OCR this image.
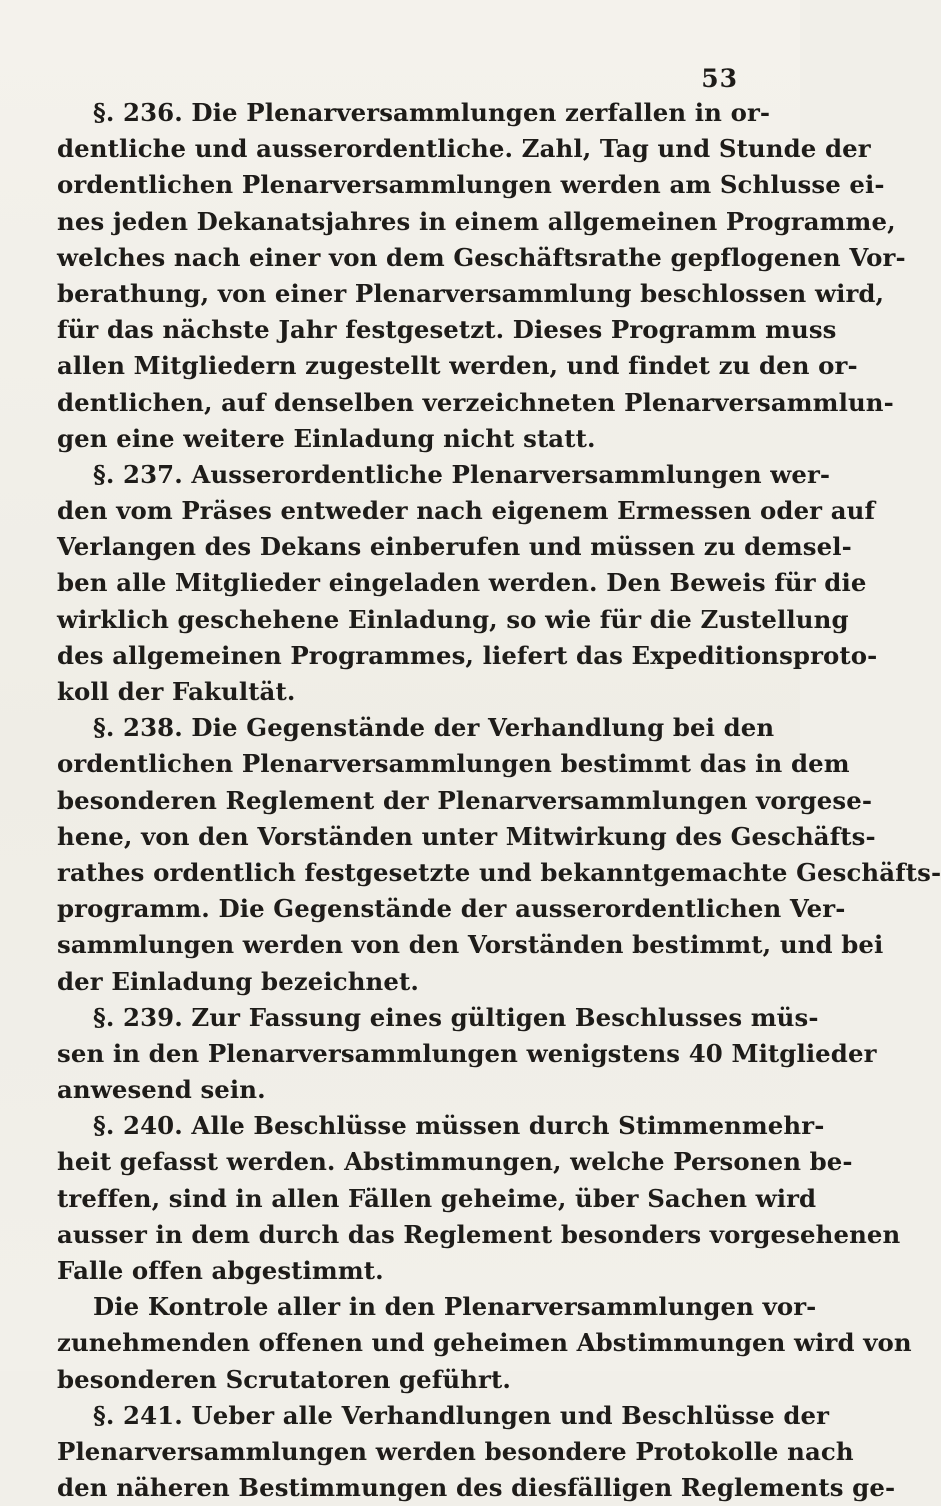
53
§. 236. Die Plenarversammlungen zerfallen in or-
dentliche und ausserordentliche. Zahl, Tag und Stunde der
ordentlichen Plenarversammlungen werden am Schlusse ei-
nes jeden Dekanatsjahres in einem allgemeinen Programme,
welches nach einer von dem Geschäftsrathe gepflogenen Vor-
berathung, von einer Plenarversammlung beschlossen wird,
für das nächste Jahr festgesetzt. Dieses Programm muss
allen Mitgliedern zugestellt werden, und findet zu den or-
dentlichen, auf denselben verzeichneten Plenarversammlun-
gen eine weitere Einladung nicht statt.
§. 237. Ausserordentliche Plenarversammlungen wer-
den vom Präses entweder nach eigenem Ermessen oder auf
Verlangen des Dekans einberufen und müssen zu demsel-
ben alle Mitglieder eingeladen werden. Den Beweis für die
wirklich geschehene Einladung, so wie für die Zustellung
des allgemeinen Programmes, liefert das Expeditionsproto-
koll der Fakultät.
§. 238. Die Gegenstände der Verhandlung bei den
ordentlichen Plenarversammlungen bestimmt das in dem
besonderen Reglement der Plenarversammlungen vorgese-
hene, von den Vorständen unter Mitwirkung des Geschäfts-
rathes ordentlich festgesetzte und bekanntgemachte Geschäfts-
programm. Die Gegenstände der ausserordentlichen Ver-
sammlungen werden von den Vorständen bestimmt, und bei
der Einladung bezeichnet.
§. 239. Zur Fassung eines gültigen Beschlusses müs-
sen in den Plenarversammlungen wenigstens 40 Mitglieder
anwesend sein.
§. 240. Alle Beschlüsse müssen durch Stimmenmehr-
heit gefasst werden. Abstimmungen, welche Personen be-
treffen, sind in allen Fällen geheime, über Sachen wird
ausser in dem durch das Reglement besonders vorgesehenen
Falle offen abgestimmt.
Die Kontrole aller in den Plenarversammlungen vor-
zunehmenden offenen und geheimen Abstimmungen wird von
besonderen Scrutatoren geführt.
§. 241. Ueber alle Verhandlungen und Beschlüsse der
Plenarversammlungen werden besondere Protokolle nach
den näheren Bestimmungen des diesfälligen Reglements ge-
